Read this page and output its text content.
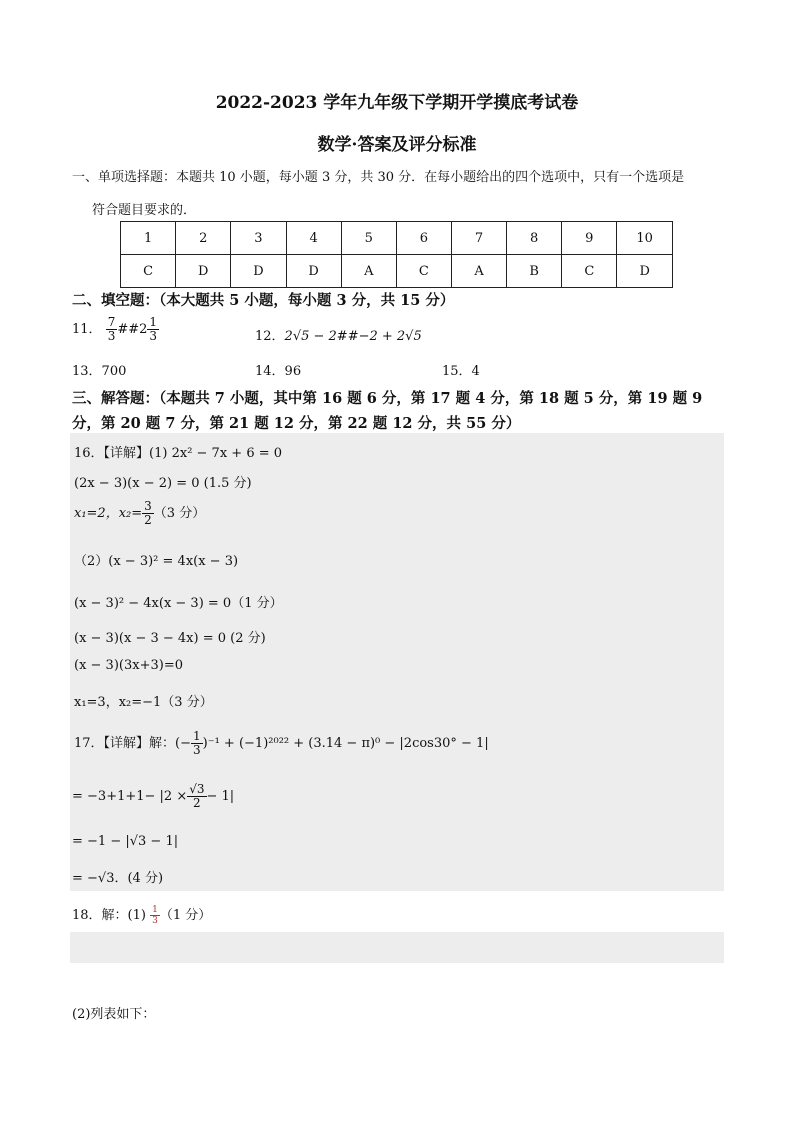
2022-2023 学年九年级下学期开学摸底考试卷
数学·答案及评分标准
一、单项选择题：本题共 10 小题，每小题 3 分，共 30 分．在每小题给出的四个选项中，只有一个选项是
符合题目要求的．
1	2	3	4	5	6	7	8	9	10
C	D	D	D	A	C	A	B	C	D
二、填空题：（本大题共 5 小题，每小题 3 分，共 15 分）
11． $\frac{7}{3}$ ##2 $\frac{1}{3}$	12．2√5 − 2##−2 + 2√5
13．700	14．96	15．4
三、解答题：（本题共 7 小题，其中第 16 题 6 分，第 17 题 4 分，第 18 题 5 分，第 19 题 9
分，第 20 题 7 分，第 21 题 12 分，第 22 题 12 分，共 55 分）
16．【详解】(1) 2x² − 7x + 6 = 0
(2x − 3)(x − 2) = 0 (1.5 分)
x₁=2，$x_2= \frac{3}{2} (3$ 分）
（2）(x − 3)² = 4x(x − 3)
(x − 3)² − 4x(x − 3) = 0（1 分）
(x − 3)(x − 3 − 4x) = 0 (2 分)
(x − 3)(3x+3)=0
x₁=3，x₂=−1（3 分）
17．【详解】解：(− $\frac{1}{3} )^{-1} + (-1)^{2022} + (3.14 - \pi)^0 - |2\cos 30^\circ - 1|$
= $-3+1+1- |2 \times \frac{√3}{2} - 1|$
= −1 − |√3 − 1|
= −√3．(4 分)
18．解：$(1) \frac{1}{3} (1$ 分）
(2)列表如下：
